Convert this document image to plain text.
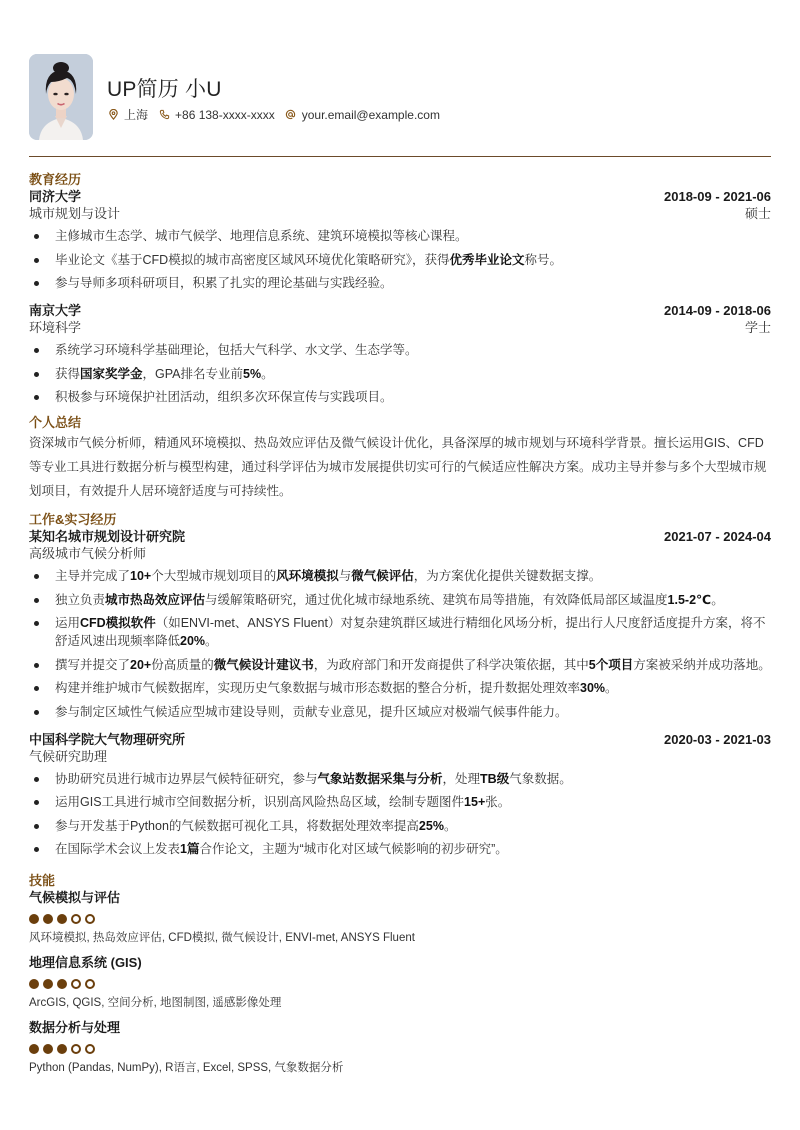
UP简历 小U
上海 +86 138-xxxx-xxxx your.email@example.com
教育经历
同济大学	2018-09 - 2021-06
城市规划与设计	硕士
主修城市生态学、城市气候学、地理信息系统、建筑环境模拟等核心课程。
毕业论文《基于CFD模拟的城市高密度区域风环境优化策略研究》，获得优秀毕业论文称号。
参与导师多项科研项目，积累了扎实的理论基础与实践经验。
南京大学	2014-09 - 2018-06
环境科学	学士
系统学习环境科学基础理论，包括大气科学、水文学、生态学等。
获得国家奖学金，GPA排名专业前5%。
积极参与环境保护社团活动，组织多次环保宣传与实践项目。
个人总结
资深城市气候分析师，精通风环境模拟、热岛效应评估及微气候设计优化，具备深厚的城市规划与环境科学背景。擅长运用GIS、CFD等专业工具进行数据分析与模型构建，通过科学评估为城市发展提供切实可行的气候适应性解决方案。成功主导并参与多个大型城市规划项目，有效提升人居环境舒适度与可持续性。
工作&实习经历
某知名城市规划设计研究院	2021-07 - 2024-04
高级城市气候分析师
主导并完成了10+个大型城市规划项目的风环境模拟与微气候评估，为方案优化提供关键数据支撑。
独立负责城市热岛效应评估与缓解策略研究，通过优化城市绿地系统、建筑布局等措施，有效降低局部区域温度1.5-2℃。
运用CFD模拟软件（如ENVI-met、ANSYS Fluent）对复杂建筑群区域进行精细化风场分析，提出行人尺度舒适度提升方案，将不舒适风速出现频率降低20%。
撰写并提交了20+份高质量的微气候设计建议书，为政府部门和开发商提供了科学决策依据，其中5个项目方案被采纳并成功落地。
构建并维护城市气候数据库，实现历史气象数据与城市形态数据的整合分析，提升数据处理效率30%。
参与制定区域性气候适应型城市建设导则，贡献专业意见，提升区域应对极端气候事件能力。
中国科学院大气物理研究所	2020-03 - 2021-03
气候研究助理
协助研究员进行城市边界层气候特征研究，参与气象站数据采集与分析，处理TB级气象数据。
运用GIS工具进行城市空间数据分析，识别高风险热岛区域，绘制专题图件15+张。
参与开发基于Python的气候数据可视化工具，将数据处理效率提高25%。
在国际学术会议上发表1篇合作论文，主题为“城市化对区域气候影响的初步研究”。
技能
气候模拟与评估
风环境模拟, 热岛效应评估, CFD模拟, 微气候设计, ENVI-met, ANSYS Fluent
地理信息系统 (GIS)
ArcGIS, QGIS, 空间分析, 地图制图, 遥感影像处理
数据分析与处理
Python (Pandas, NumPy), R语言, Excel, SPSS, 气象数据分析
